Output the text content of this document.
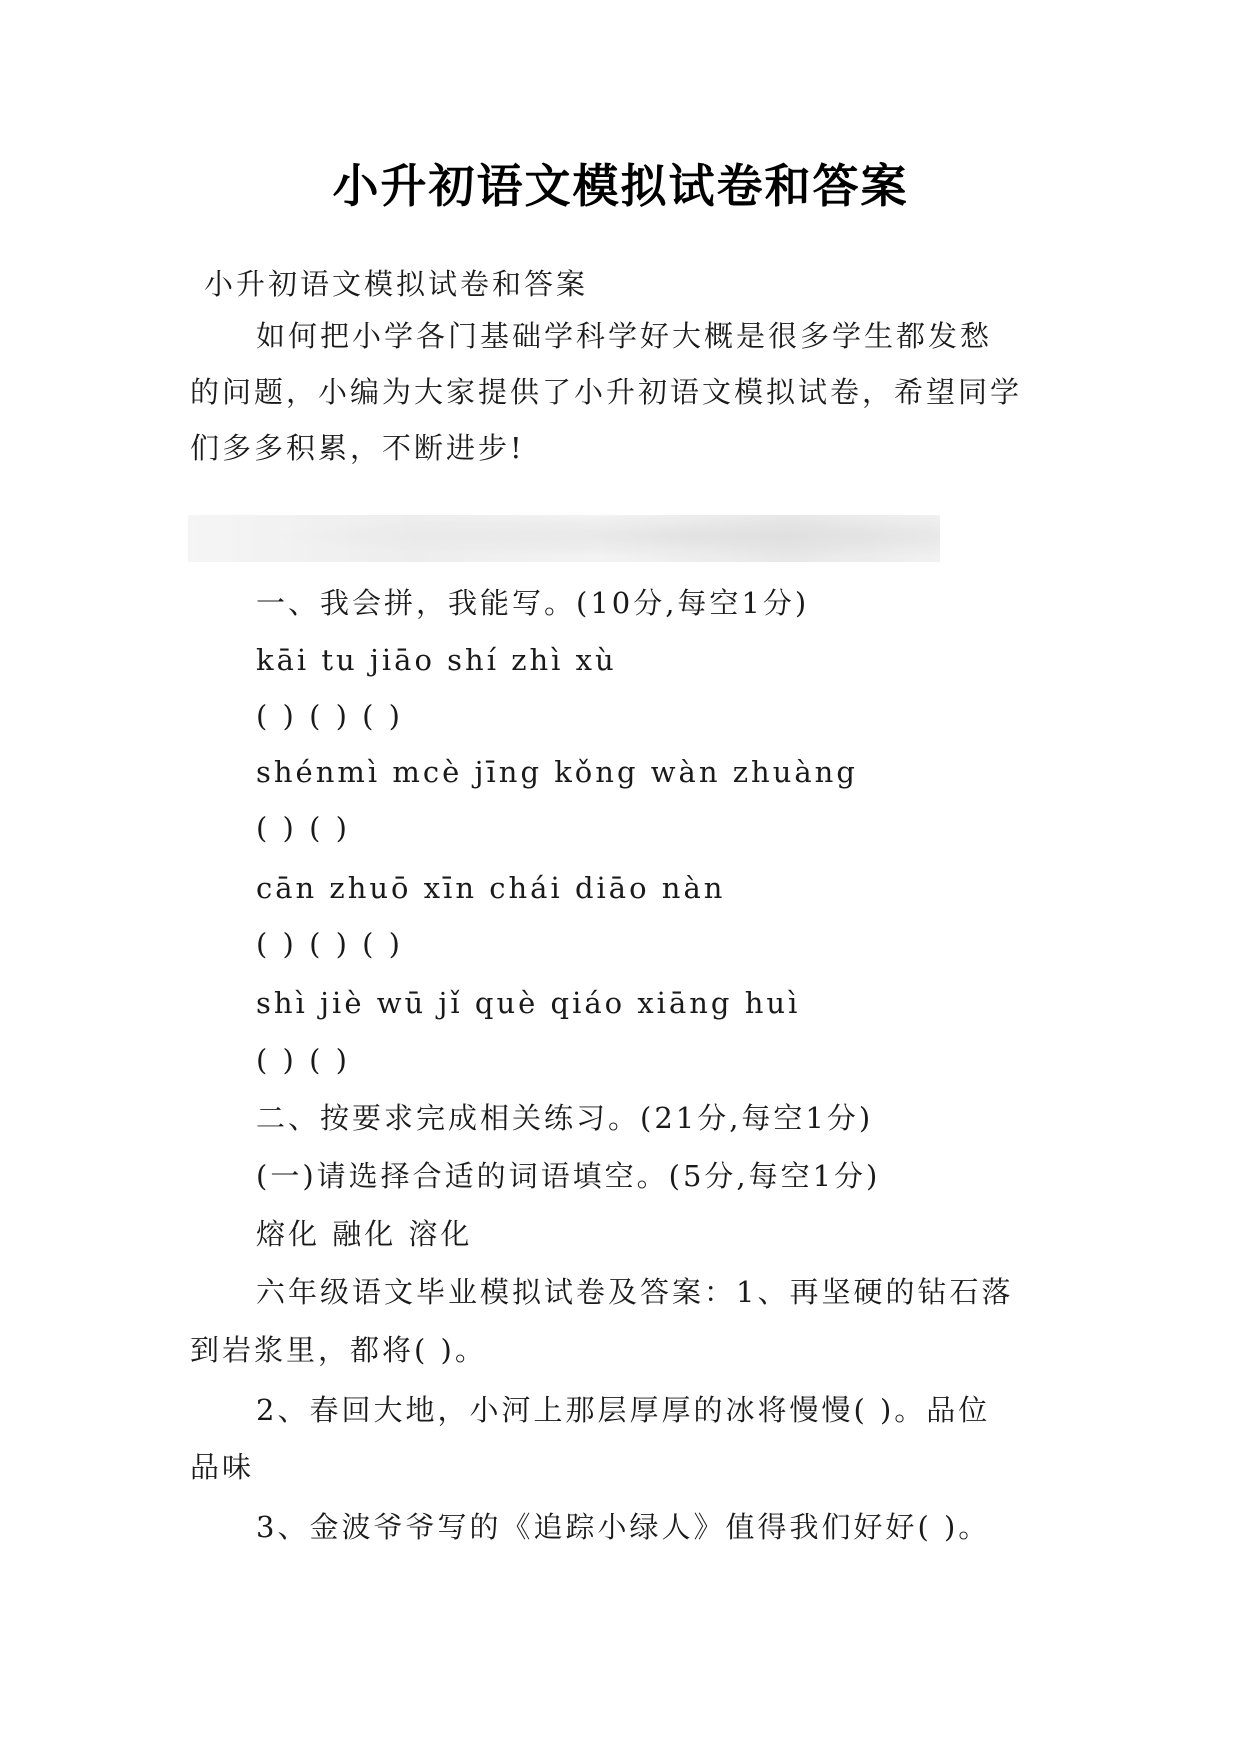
小升初语文模拟试卷和答案
小升初语文模拟试卷和答案
如何把小学各门基础学科学好大概是很多学生都发愁
的问题，小编为大家提供了小升初语文模拟试卷，希望同学
们多多积累，不断进步!
一、我会拼，我能写。(10分,每空1分)
kāi tu jiāo shí zhì xù
( ) ( ) ( )
shénmì mcè jīng kǒng wàn zhuàng
( ) ( )
cān zhuō xīn chái diāo nàn
( ) ( ) ( )
shì jiè wū jǐ què qiáo xiāng huì
( ) ( )
二、按要求完成相关练习。(21分,每空1分)
(一)请选择合适的词语填空。(5分,每空1分)
熔化 融化 溶化
六年级语文毕业模拟试卷及答案：1、再坚硬的钻石落
到岩浆里，都将( )。
2、春回大地，小河上那层厚厚的冰将慢慢( )。品位
品味
3、金波爷爷写的《追踪小绿人》值得我们好好( )。
